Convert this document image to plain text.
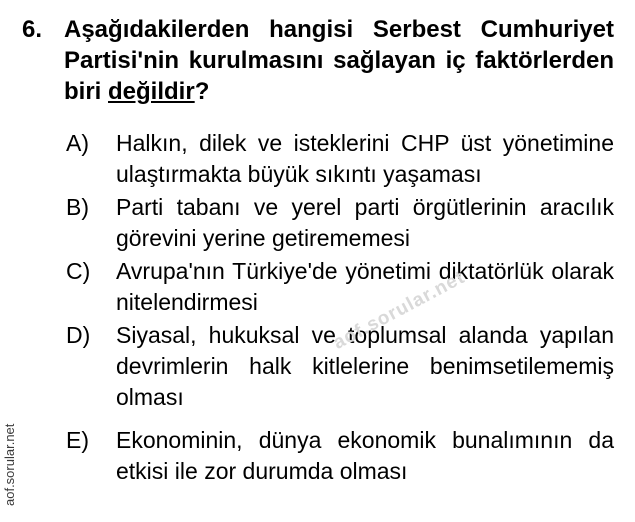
6. Aşağıdakilerden hangisi Serbest Cumhuriyet Partisi'nin kurulmasını sağlayan iç faktörlerden biri değildir?
A)	Halkın, dilek ve isteklerini CHP üst yönetimine ulaştırmakta büyük sıkıntı yaşaması
B)	Parti tabanı ve yerel parti örgütlerinin aracılık görevini yerine getirememesi
C)	Avrupa'nın Türkiye'de yönetimi diktatörlük olarak nitelendirmesi
D)	Siyasal, hukuksal ve toplumsal alanda yapılan devrimlerin halk kitlelerine benimsetilememiş olması
E)	Ekonominin, dünya ekonomik bunalımının da etkisi ile zor durumda olması
aof.sorular.net
aof.sorular.net
